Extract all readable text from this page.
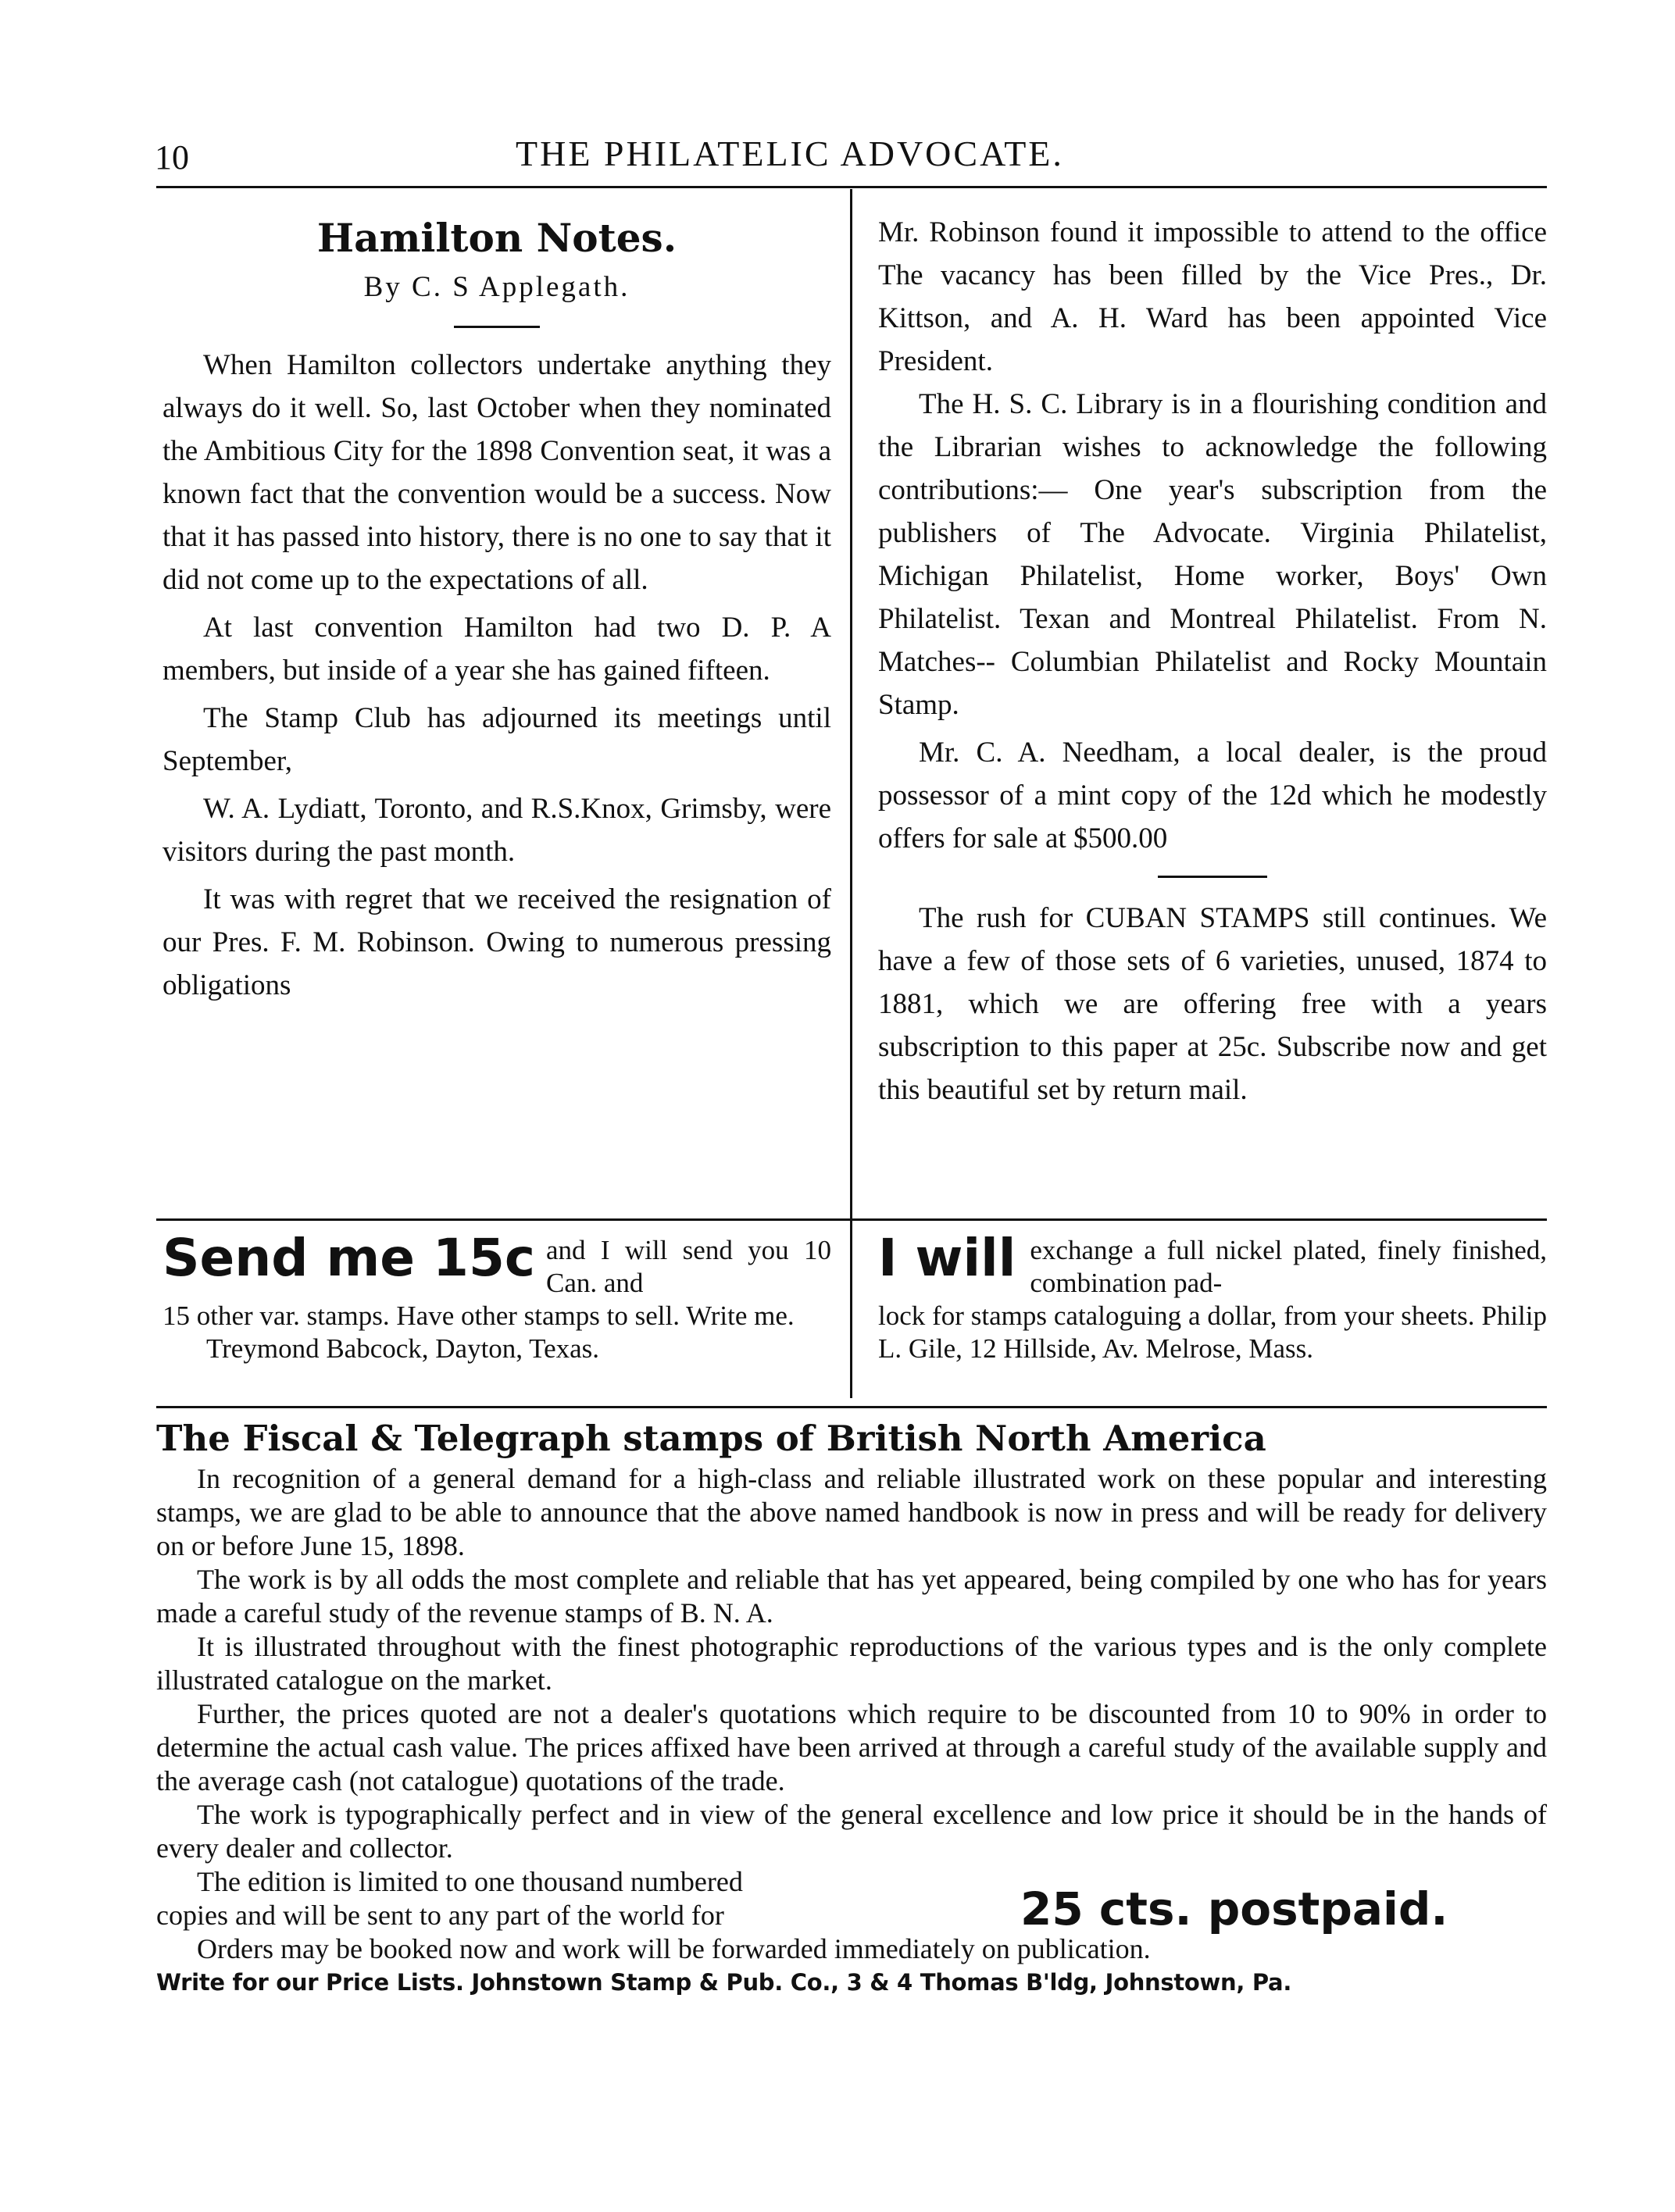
10	THE PHILATELIC ADVOCATE.

Hamilton Notes.

By C. S Applegath.

When Hamilton collectors undertake anything they always do it well. So, last October when they nominated the Ambitious City for the 1898 Convention seat, it was a known fact that the convention would be a success. Now that it has passed into history, there is no one to say that it did not come up to the expectations of all.

At last convention Hamilton had two D. P. A members, but inside of a year she has gained fifteen.

The Stamp Club has adjourned its meetings until September,

W. A. Lydiatt, Toronto, and R.S.Knox, Grimsby, were visitors during the past month.

It was with regret that we received the resignation of our Pres. F. M. Robinson. Owing to numerous pressing obligations

Mr. Robinson found it impossible to attend to the office The vacancy has been filled by the Vice Pres., Dr. Kittson, and A. H. Ward has been appointed Vice President.

The H. S. C. Library is in a flourishing condition and the Librarian wishes to acknowledge the following contributions:— One year's subscription from the publishers of The Advocate. Virginia Philatelist, Michigan Philatelist, Home worker, Boys' Own Philatelist. Texan and Montreal Philatelist. From N. Matches-- Columbian Philatelist and Rocky Mountain Stamp.

Mr. C. A. Needham, a local dealer, is the proud possessor of a mint copy of the 12d which he modestly offers for sale at $500.00

The rush for CUBAN STAMPS still continues. We have a few of those sets of 6 varieties, unused, 1874 to 1881, which we are offering free with a years subscription to this paper at 25c. Subscribe now and get this beautiful set by return mail.

Send me 15c and I will send you 10 Can. and
15 other var. stamps. Have other stamps to sell. Write me.
Treymond Babcock, Dayton, Texas.
I will exchange a full nickel plated, finely finished, combination pad-
lock for stamps cataloguing a dollar, from your sheets. Philip L. Gile, 12 Hillside, Av. Melrose, Mass.
The Fiscal & Telegraph stamps of British North America

In recognition of a general demand for a high-class and reliable illustrated work on these popular and interesting stamps, we are glad to be able to announce that the above named handbook is now in press and will be ready for delivery on or before June 15, 1898.

The work is by all odds the most complete and reliable that has yet appeared, being compiled by one who has for years made a careful study of the revenue stamps of B. N. A.

It is illustrated throughout with the finest photographic reproductions of the various types and is the only complete illustrated catalogue on the market.

Further, the prices quoted are not a dealer's quotations which require to be discounted from 10 to 90% in order to determine the actual cash value. The prices affixed have been arrived at through a careful study of the available supply and the average cash (not catalogue) quotations of the trade.

The work is typographically perfect and in view of the general excellence and low price it should be in the hands of every dealer and collector.

The edition is limited to one thousand numbered
copies and will be sent to any part of the world for	25 cts. postpaid.

Orders may be booked now and work will be forwarded immediately on publication.

Write for our Price Lists. Johnstown Stamp & Pub. Co., 3 & 4 Thomas B'ldg, Johnstown, Pa.
